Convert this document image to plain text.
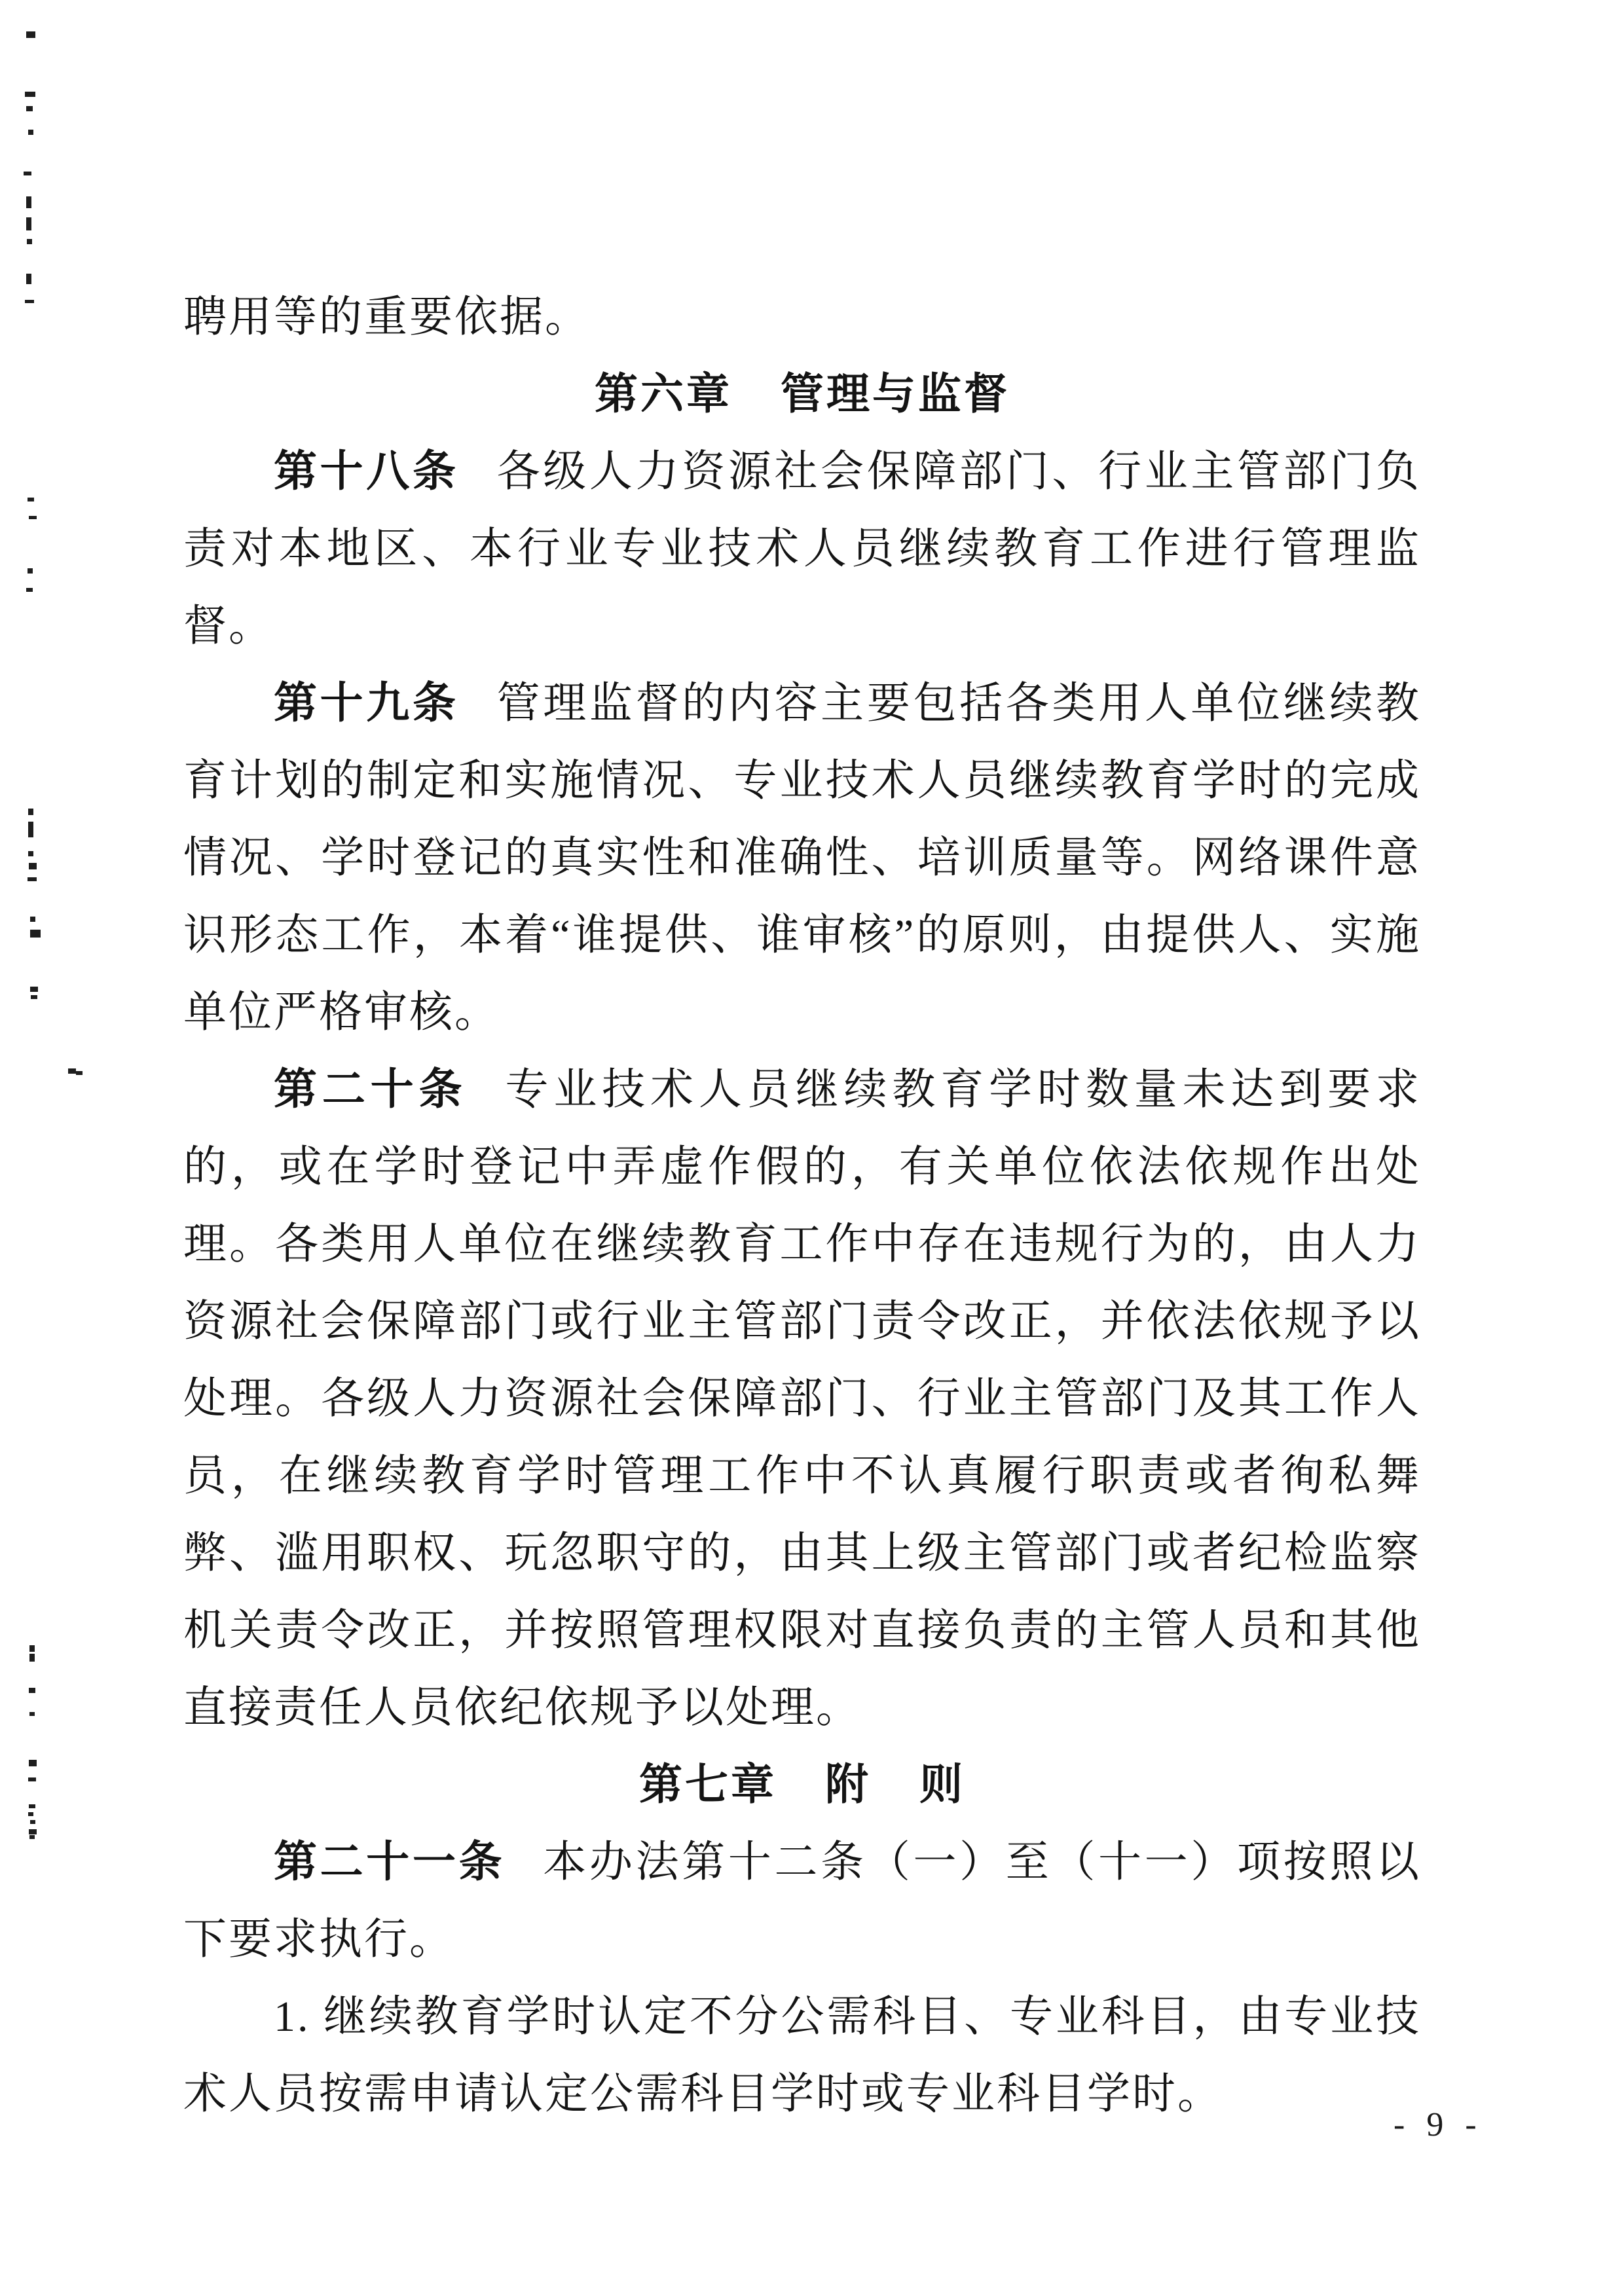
聘用等的重要依据。

第六章 管理与监督

第十八条 各级人力资源社会保障部门、行业主管部门负责对本地区、本行业专业技术人员继续教育工作进行管理监督。

第十九条 管理监督的内容主要包括各类用人单位继续教育计划的制定和实施情况、专业技术人员继续教育学时的完成情况、学时登记的真实性和准确性、培训质量等。网络课件意识形态工作，本着“谁提供、谁审核”的原则，由提供人、实施单位严格审核。

第二十条 专业技术人员继续教育学时数量未达到要求的，或在学时登记中弄虚作假的，有关单位依法依规作出处理。各类用人单位在继续教育工作中存在违规行为的，由人力资源社会保障部门或行业主管部门责令改正，并依法依规予以处理。各级人力资源社会保障部门、行业主管部门及其工作人员，在继续教育学时管理工作中不认真履行职责或者徇私舞弊、滥用职权、玩忽职守的，由其上级主管部门或者纪检监察机关责令改正，并按照管理权限对直接负责的主管人员和其他直接责任人员依纪依规予以处理。

第七章 附 则

第二十一条 本办法第十二条（一）至（十一）项按照以下要求执行。

1. 继续教育学时认定不分公需科目、专业科目，由专业技术人员按需申请认定公需科目学时或专业科目学时。

- 9 -
